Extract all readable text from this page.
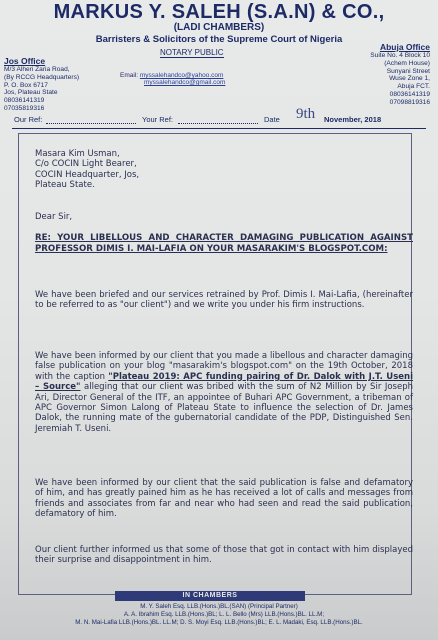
MARKUS Y. SALEH (S.A.N) & CO.,
(LADI CHAMBERS)
Barristers & Solicitors of the Supreme Court of Nigeria
NOTARY PUBLIC
Jos Office
M/3 Alheri Zaria Road,
(By RCCG Headquarters)
P. O. Box 6717
Jos, Plateau State
08036141319
07035819316
Email: myssalehandco@yahoo.com
myssalehandco@gmail.com
Abuja Office
Suite No. 4 Block 10
(Achem House)
Sunyani Street
Wuse Zone 1,
Abuja FCT.
08036141319
07098819316
Our Ref:	Your Ref:	Date 9th November, 2018
Masara Kim Usman,
C/o COCIN Light Bearer,
COCIN Headquarter, Jos,
Plateau State.
Dear Sir,
RE: YOUR LIBELLOUS AND CHARACTER DAMAGING PUBLICATION AGAINST PROFESSOR DIMIS I. MAI-LAFIA ON YOUR MASARAKIM'S BLOGSPOT.COM:
We have been briefed and our services retrained by Prof. Dimis I. Mai-Lafia, (hereinafter to be referred to as "our client") and we write you under his firm instructions.
We have been informed by our client that you made a libellous and character damaging false publication on your blog "masarakim's blogspot.com" on the 19th October, 2018 with the caption "Plateau 2019: APC funding pairing of Dr. Dalok with J.T. Useni – Source" alleging that our client was bribed with the sum of N2 Million by Sir Joseph Ari, Director General of the ITF, an appointee of Buhari APC Government, a tribeman of APC Governor Simon Lalong of Plateau State to influence the selection of Dr. James Dalok, the running mate of the gubernatorial candidate of the PDP, Distinguished Sen. Jeremiah T. Useni.
We have been informed by our client that the said publication is false and defamatory of him, and has greatly pained him as he has received a lot of calls and messages from friends and associates from far and near who had seen and read the said publication, defamatory of him.
Our client further informed us that some of those that got in contact with him displayed their surprise and disappointment in him.
IN CHAMBERS
M. Y. Saleh Esq. LLB.(Hons.)BL.(SAN) (Principal Partner)
A. A. Ibrahim Esq. LLB.(Hons.)BL; L. L. Bello (Mrs) LLB.(Hons.)BL. LL.M;
M. N. Mai-Lafia LLB.(Hons.)BL. LL.M; D. S. Moyi Esq. LLB.(Hons.)BL; E. L. Madaki, Esq. LLB.(Hons.)BL.
